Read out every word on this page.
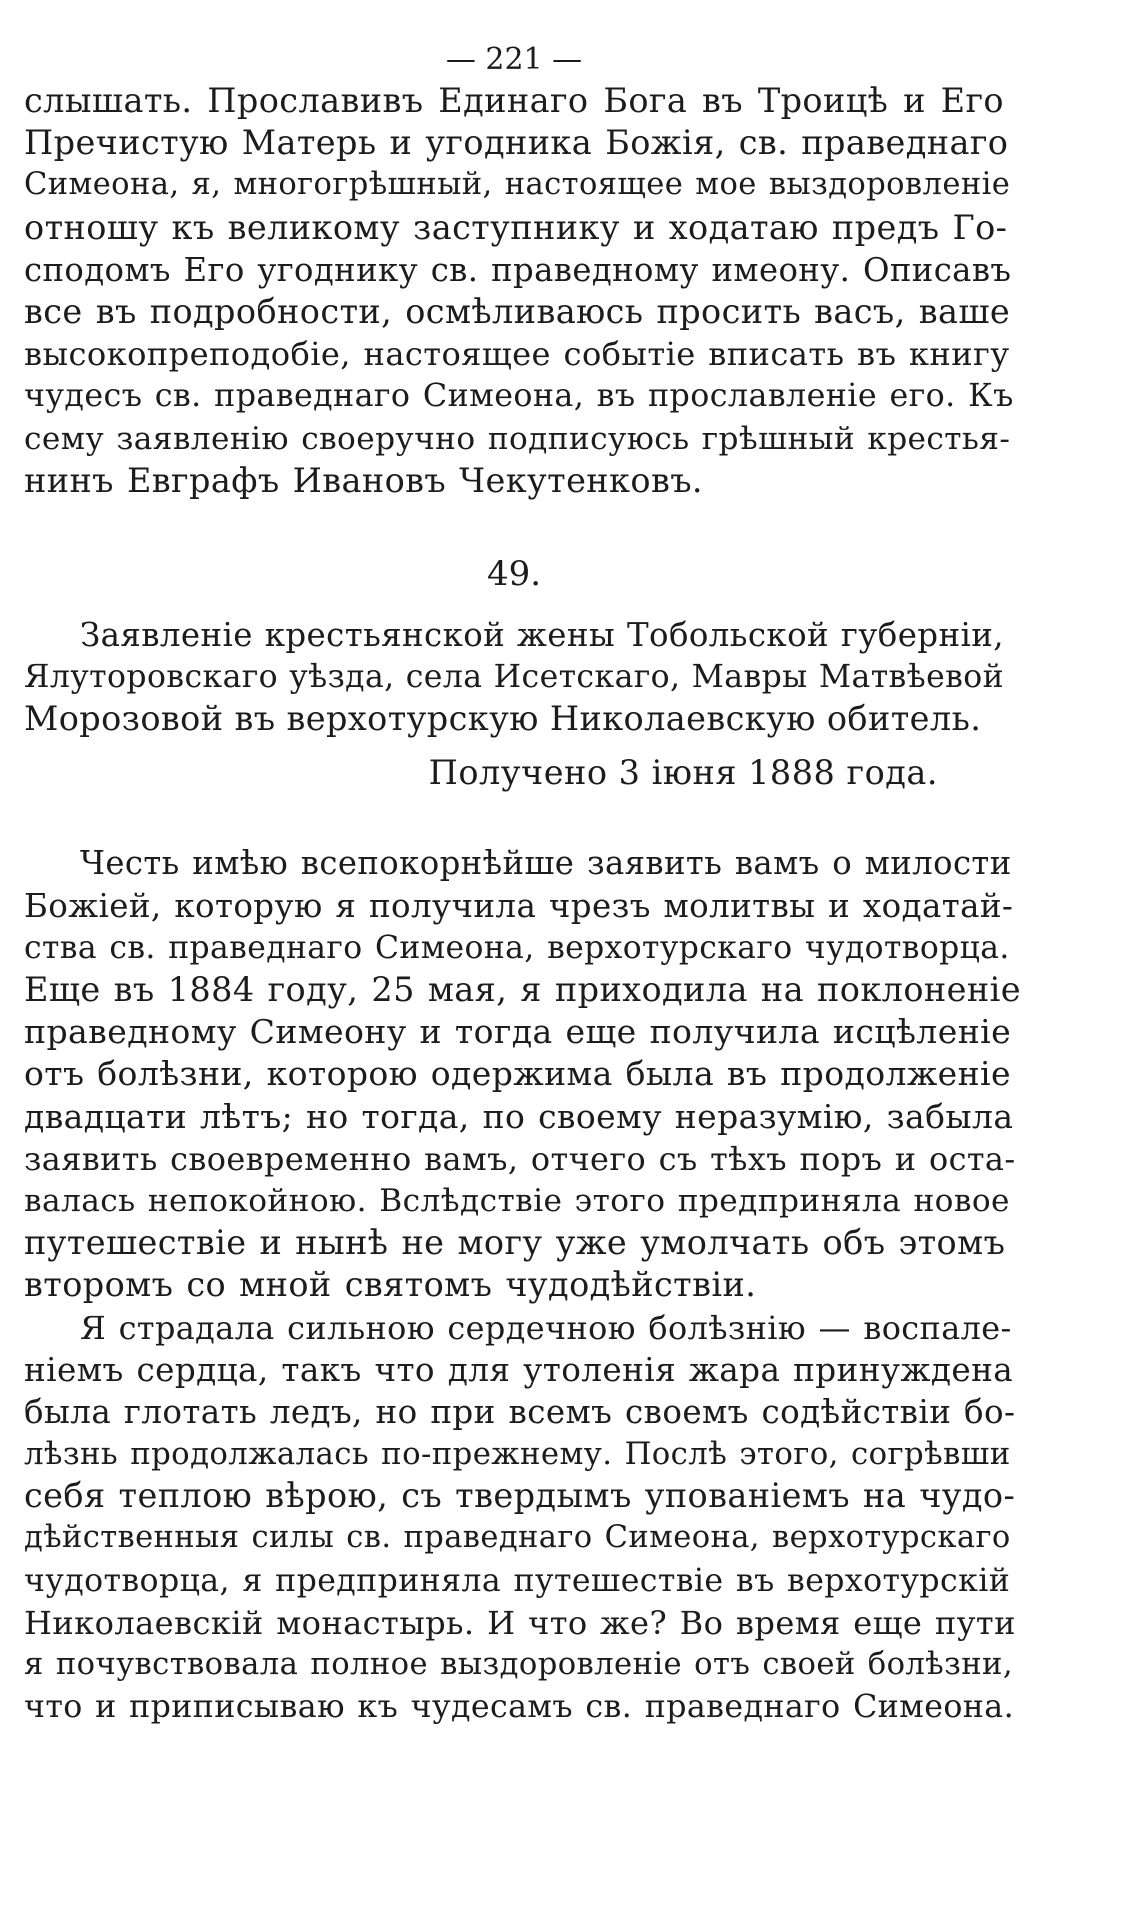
— 221 —
слышать. Прославивъ Единаго Бога въ Троицѣ и Его
Пречистую Матерь и угодника Божія, св. праведнаго
Симеона, я, многогрѣшный, настоящее мое выздоровленіе
отношу къ великому заступнику и ходатаю предъ Го-
сподомъ Его угоднику св. праведному имеону. Описавъ
все въ подробности, осмѣливаюсь просить васъ, ваше
высокопреподобіе, настоящее событіе вписать въ книгу
чудесъ св. праведнаго Симеона, въ прославленіе его. Къ
сему заявленію своеручно подписуюсь грѣшный крестья-
нинъ Евграфъ Ивановъ Чекутенковъ.
49.
Заявленіе крестьянской жены Тобольской губерніи,
Ялуторовскаго уѣзда, села Исетскаго, Мавры Матвѣевой
Морозовой въ верхотурскую Николаевскую обитель.
Получено 3 іюня 1888 года.
Честь имѣю всепокорнѣйше заявить вамъ о милости
Божіей, которую я получила чрезъ молитвы и ходатай-
ства св. праведнаго Симеона, верхотурскаго чудотворца.
Еще въ 1884 году, 25 мая, я приходила на поклоненіе
праведному Симеону и тогда еще получила исцѣленіе
отъ болѣзни, которою одержима была въ продолженіе
двадцати лѣтъ; но тогда, по своему неразумію, забыла
заявить своевременно вамъ, отчего съ тѣхъ поръ и оста-
валась непокойною. Вслѣдствіе этого предприняла новое
путешествіе и нынѣ не могу уже умолчать объ этомъ
второмъ со мной святомъ чудодѣйствіи.
Я страдала сильною сердечною болѣзнію — воспале-
ніемъ сердца, такъ что для утоленія жара принуждена
была глотать ледъ, но при всемъ своемъ содѣйствіи бо-
лѣзнь продолжалась по-прежнему. Послѣ этого, согрѣвши
себя теплою вѣрою, съ твердымъ упованіемъ на чудо-
дѣйственныя силы св. праведнаго Симеона, верхотурскаго
чудотворца, я предприняла путешествіе въ верхотурскій
Николаевскій монастырь. И что же? Во время еще пути
я почувствовала полное выздоровленіе отъ своей болѣзни,
что и приписываю къ чудесамъ св. праведнаго Симеона.
